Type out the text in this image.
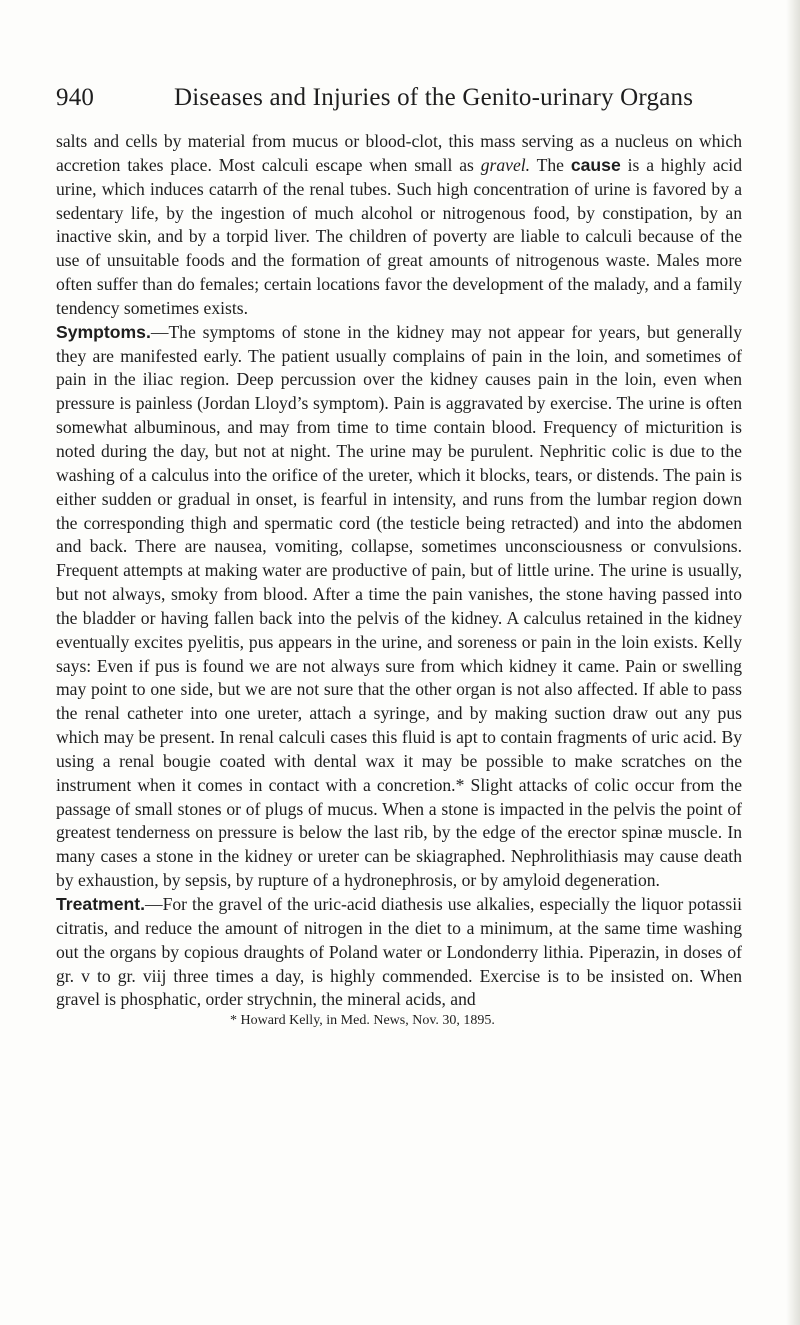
940	Diseases and Injuries of the Genito-urinary Organs

salts and cells by material from mucus or blood-clot, this mass serving as a nucleus on which accretion takes place. Most calculi escape when small as gravel. The cause is a highly acid urine, which induces catarrh of the renal tubes. Such high concentration of urine is favored by a sedentary life, by the ingestion of much alcohol or nitrogenous food, by constipation, by an inactive skin, and by a torpid liver. The children of poverty are liable to calculi because of the use of unsuitable foods and the formation of great amounts of nitrogenous waste. Males more often suffer than do females; certain locations favor the development of the malady, and a family tendency sometimes exists.

Symptoms.—The symptoms of stone in the kidney may not appear for years, but generally they are manifested early. The patient usually complains of pain in the loin, and sometimes of pain in the iliac region. Deep percussion over the kidney causes pain in the loin, even when pressure is painless (Jordan Lloyd’s symptom). Pain is aggravated by exercise. The urine is often somewhat albuminous, and may from time to time contain blood. Frequency of micturition is noted during the day, but not at night. The urine may be purulent. Nephritic colic is due to the washing of a calculus into the orifice of the ureter, which it blocks, tears, or distends. The pain is either sudden or gradual in onset, is fearful in intensity, and runs from the lumbar region down the corresponding thigh and spermatic cord (the testicle being retracted) and into the abdomen and back. There are nausea, vomiting, collapse, sometimes unconsciousness or convulsions. Frequent attempts at making water are productive of pain, but of little urine. The urine is usually, but not always, smoky from blood. After a time the pain vanishes, the stone having passed into the bladder or having fallen back into the pelvis of the kidney. A calculus retained in the kidney eventually excites pyelitis, pus appears in the urine, and soreness or pain in the loin exists. Kelly says: Even if pus is found we are not always sure from which kidney it came. Pain or swelling may point to one side, but we are not sure that the other organ is not also affected. If able to pass the renal catheter into one ureter, attach a syringe, and by making suction draw out any pus which may be present. In renal calculi cases this fluid is apt to contain fragments of uric acid. By using a renal bougie coated with dental wax it may be possible to make scratches on the instrument when it comes in contact with a concretion.* Slight attacks of colic occur from the passage of small stones or of plugs of mucus. When a stone is impacted in the pelvis the point of greatest tenderness on pressure is below the last rib, by the edge of the erector spinæ muscle. In many cases a stone in the kidney or ureter can be skiagraphed. Nephrolithiasis may cause death by exhaustion, by sepsis, by rupture of a hydronephrosis, or by amyloid degeneration.

Treatment.—For the gravel of the uric-acid diathesis use alkalies, especially the liquor potassii citratis, and reduce the amount of nitrogen in the diet to a minimum, at the same time washing out the organs by copious draughts of Poland water or Londonderry lithia. Piperazin, in doses of gr. v to gr. viij three times a day, is highly commended. Exercise is to be insisted on. When gravel is phosphatic, order strychnin, the mineral acids, and

* Howard Kelly, in Med. News, Nov. 30, 1895.
